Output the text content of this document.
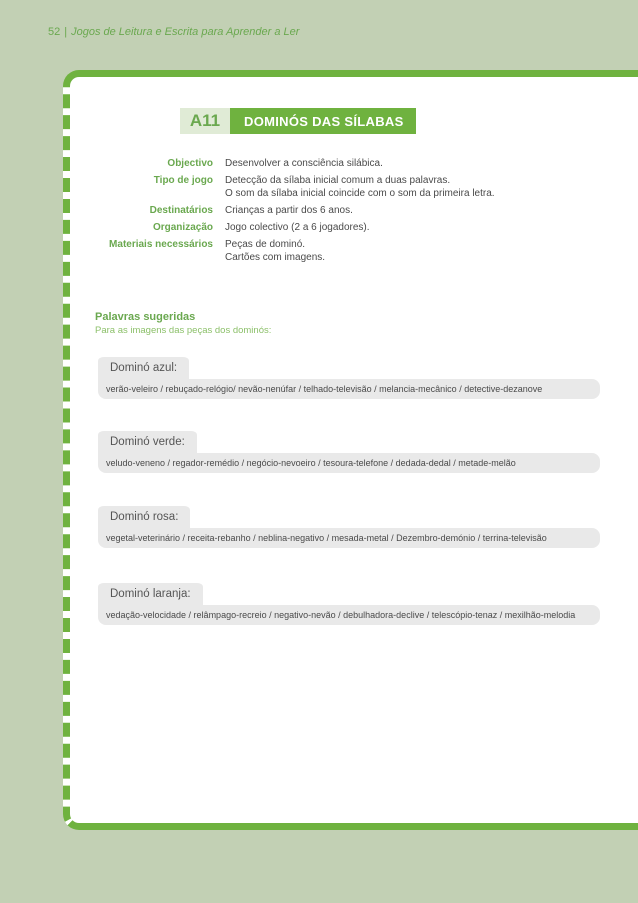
52 | Jogos de Leitura e Escrita para Aprender a Ler
A11	DOMINÓS DAS SÍLABAS
Objectivo	Desenvolver a consciência silábica.
Tipo de jogo	Detecção da sílaba inicial comum a duas palavras.
O som da sílaba inicial coincide com o som da primeira letra.
Destinatários	Crianças a partir dos 6 anos.
Organização	Jogo colectivo (2 a 6 jogadores).
Materiais necessários	Peças de dominó.
Cartões com imagens.
Palavras sugeridas
Para as imagens das peças dos dominós:
Dominó azul:
verão-veleiro / rebuçado-relógio/ nevão-nenúfar / telhado-televisão / melancia-mecânico / detective-dezanove
Dominó verde:
veludo-veneno / regador-remédio / negócio-nevoeiro / tesoura-telefone / dedada-dedal / metade-melão
Dominó rosa:
vegetal-veterinário / receita-rebanho / neblina-negativo / mesada-metal / Dezembro-demónio / terrina-televisão
Dominó laranja:
vedação-velocidade / relâmpago-recreio / negativo-nevão / debulhadora-declive / telescópio-tenaz / mexilhão-melodia
